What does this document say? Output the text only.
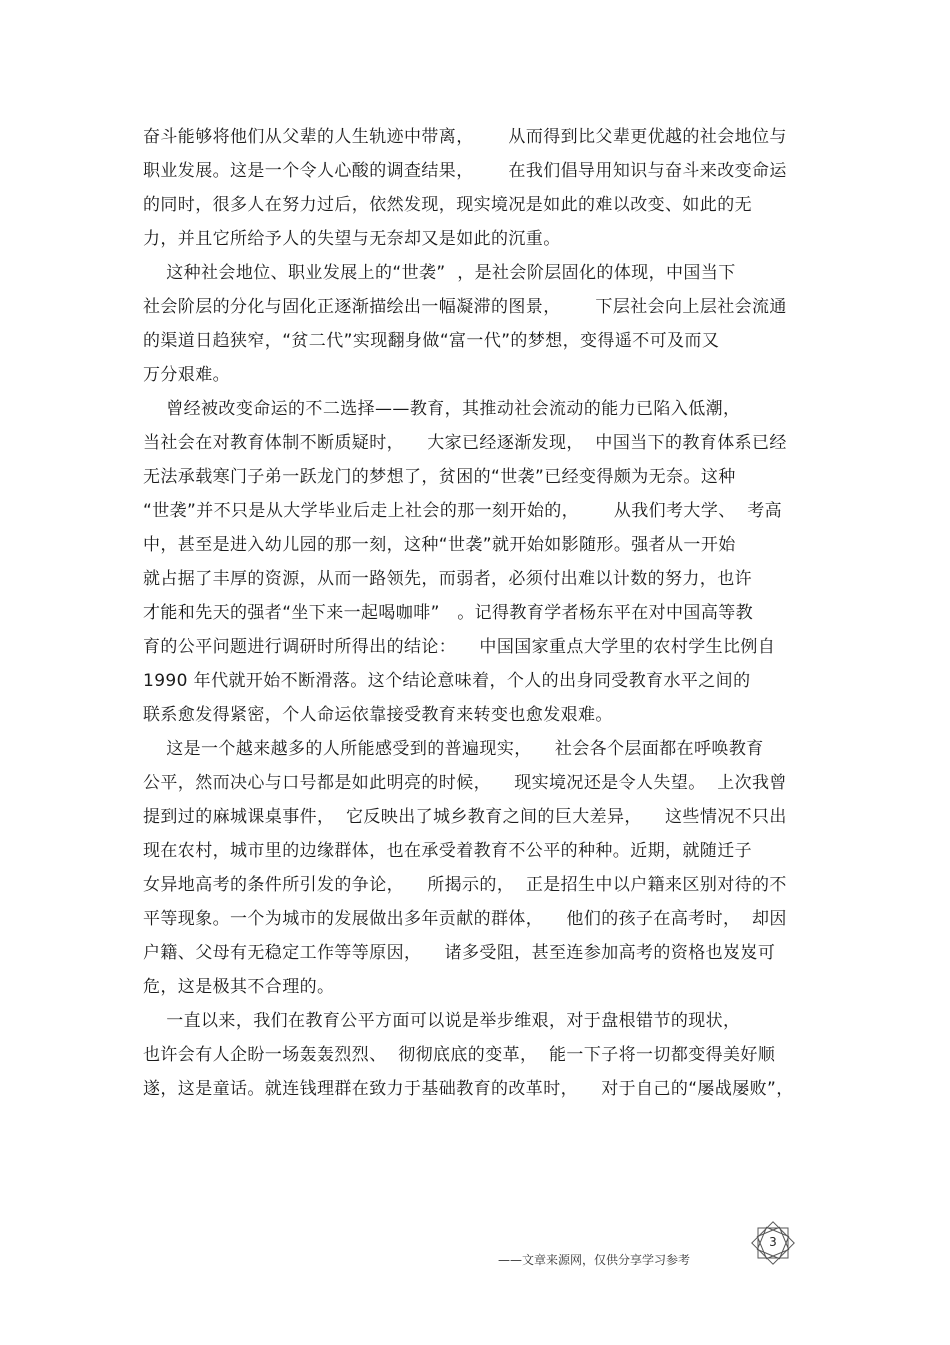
奋斗能够将他们从父辈的人生轨迹中带离，      从而得到比父辈更优越的社会地位与
职业发展。这是一个令人心酸的调查结果，      在我们倡导用知识与奋斗来改变命运
的同时，很多人在努力过后，依然发现，现实境况是如此的难以改变、如此的无
力，并且它所给予人的失望与无奈却又是如此的沉重。
这种社会地位、职业发展上的“世袭”  ，是社会阶层固化的体现，中国当下
社会阶层的分化与固化正逐渐描绘出一幅凝滞的图景，      下层社会向上层社会流通
的渠道日趋狭窄，“贫二代”实现翻身做“富一代”的梦想，变得遥不可及而又
万分艰难。
曾经被改变命运的不二选择——教育，其推动社会流动的能力已陷入低潮，
当社会在对教育体制不断质疑时，    大家已经逐渐发现，  中国当下的教育体系已经
无法承载寒门子弟一跃龙门的梦想了，贫困的“世袭”已经变得颇为无奈。这种
“世袭”并不只是从大学毕业后走上社会的那一刻开始的，      从我们考大学、  考高
中，甚至是进入幼儿园的那一刻，这种“世袭”就开始如影随形。强者从一开始
就占据了丰厚的资源，从而一路领先，而弱者，必须付出难以计数的努力，也许
才能和先天的强者“坐下来一起喝咖啡”   。记得教育学者杨东平在对中国高等教
育的公平问题进行调研时所得出的结论：    中国国家重点大学里的农村学生比例自
1990 年代就开始不断滑落。这个结论意味着，个人的出身同受教育水平之间的
联系愈发得紧密，个人命运依靠接受教育来转变也愈发艰难。
这是一个越来越多的人所能感受到的普遍现实，    社会各个层面都在呼唤教育
公平，然而决心与口号都是如此明亮的时候，    现实境况还是令人失望。  上次我曾
提到过的麻城课桌事件，  它反映出了城乡教育之间的巨大差异，    这些情况不只出
现在农村，城市里的边缘群体，也在承受着教育不公平的种种。近期，就随迁子
女异地高考的条件所引发的争论，    所揭示的，  正是招生中以户籍来区别对待的不
平等现象。一个为城市的发展做出多年贡献的群体，    他们的孩子在高考时，  却因
户籍、父母有无稳定工作等等原因，    诸多受阻，甚至连参加高考的资格也岌岌可
危，这是极其不合理的。
一直以来，我们在教育公平方面可以说是举步维艰，对于盘根错节的现状，
也许会有人企盼一场轰轰烈烈、  彻彻底底的变革，  能一下子将一切都变得美好顺
遂，这是童话。就连钱理群在致力于基础教育的改革时，    对于自己的“屡战屡败”，
——文章来源网，仅供分享学习参考
3
